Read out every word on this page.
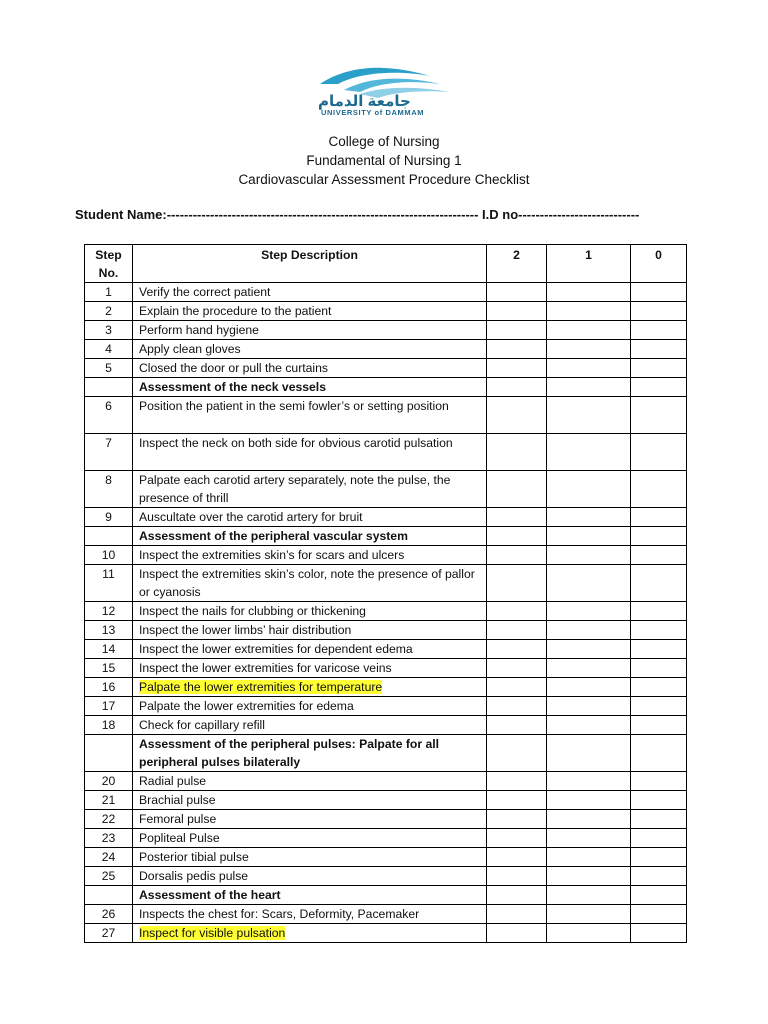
جامعة الدمام
UNIVERSITY of DAMMAM
College of Nursing
Fundamental of Nursing 1
Cardiovascular Assessment Procedure Checklist
Student Name:------------------------------------------------------------------------ I.D no----------------------------
Step No.	Step Description	2	1	0
1	Verify the correct patient			
2	Explain the procedure to the patient			
3	Perform hand hygiene			
4	Apply clean gloves			
5	Closed the door or pull the curtains			
	Assessment of the neck vessels			
6	Position the patient in the semi fowler’s or setting position			
7	Inspect the neck on both side for obvious carotid pulsation			
8	Palpate each carotid artery separately, note the pulse, the presence of thrill			
9	Auscultate over the carotid artery for bruit			
	Assessment of the peripheral vascular system			
10	Inspect the extremities skin’s for scars and ulcers			
11	Inspect the extremities skin’s color, note the presence of pallor or cyanosis			
12	Inspect the nails for clubbing or thickening			
13	Inspect the lower limbs’ hair distribution			
14	Inspect the lower extremities for dependent edema			
15	Inspect the lower extremities for varicose veins			
16	Palpate the lower extremities for temperature			
17	Palpate the lower extremities for edema			
18	Check for capillary refill			
	Assessment of the peripheral pulses: Palpate for all peripheral pulses bilaterally			
20	Radial pulse			
21	Brachial pulse			
22	Femoral pulse			
23	Popliteal Pulse			
24	Posterior tibial pulse			
25	Dorsalis pedis pulse			
	Assessment of the heart			
26	Inspects the chest for: Scars, Deformity, Pacemaker			
27	Inspect for visible pulsation			
